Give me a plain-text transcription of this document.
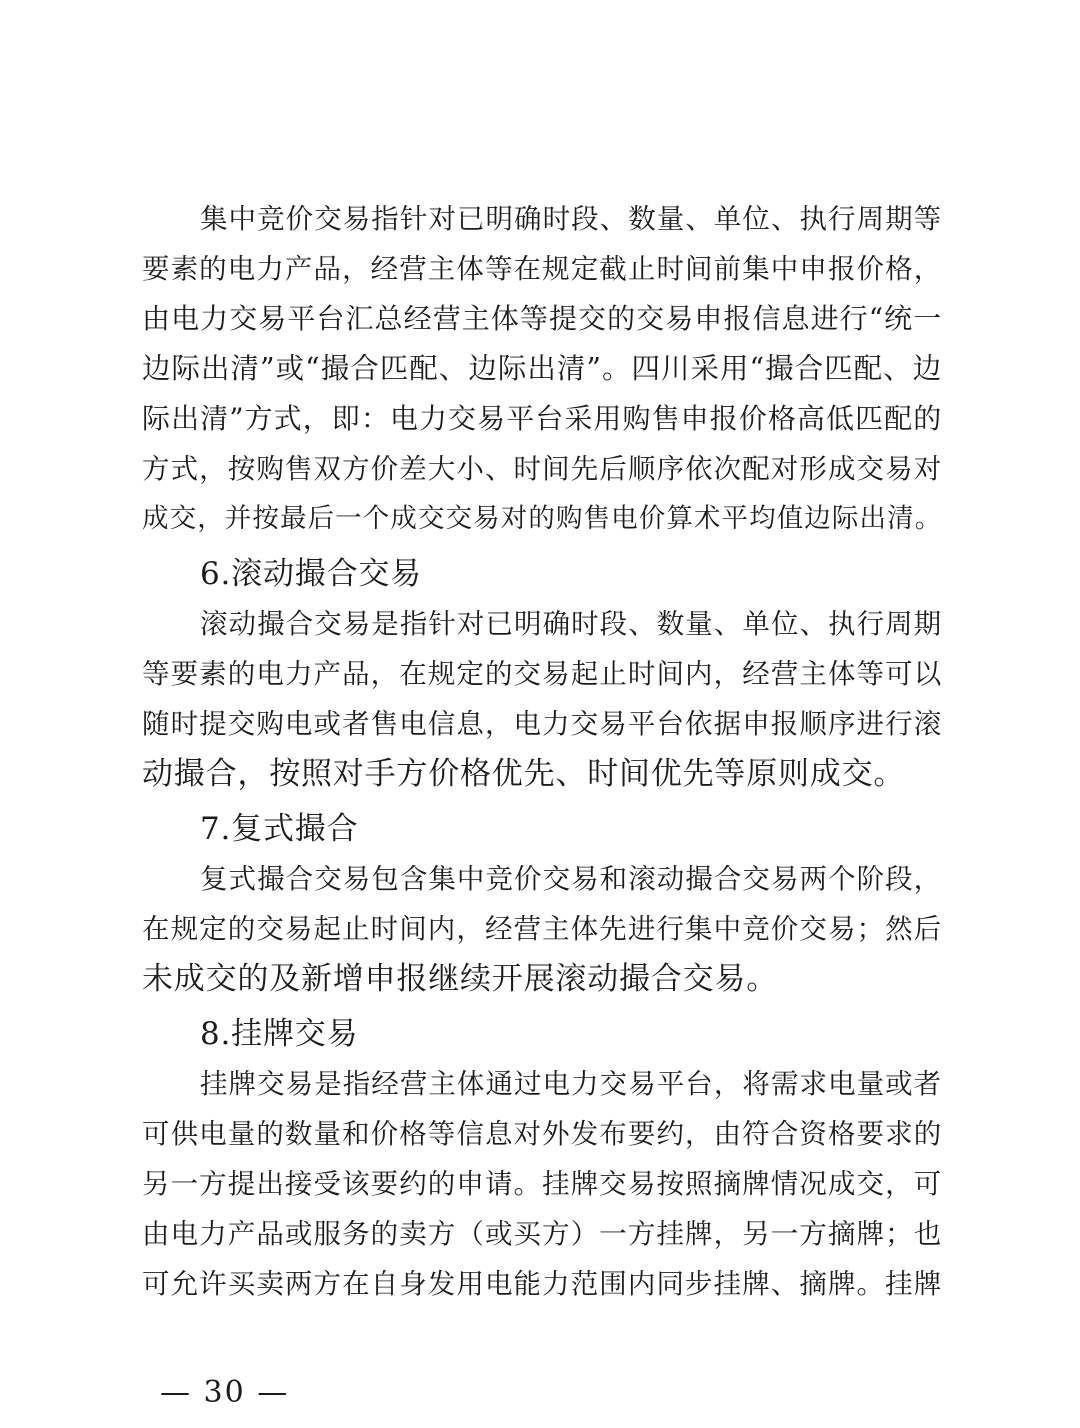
集中竞价交易指针对已明确时段、数量、单位、执行周期等
要素的电力产品，经营主体等在规定截止时间前集中申报价格，
由电力交易平台汇总经营主体等提交的交易申报信息进行“统一
边际出清”或“撮合匹配、边际出清”。四川采用“撮合匹配、边
际出清”方式，即：电力交易平台采用购售申报价格高低匹配的
方式，按购售双方价差大小、时间先后顺序依次配对形成交易对
成交，并按最后一个成交交易对的购售电价算术平均值边际出清。
6.滚动撮合交易
滚动撮合交易是指针对已明确时段、数量、单位、执行周期
等要素的电力产品，在规定的交易起止时间内，经营主体等可以
随时提交购电或者售电信息，电力交易平台依据申报顺序进行滚
动撮合，按照对手方价格优先、时间优先等原则成交。
7.复式撮合
复式撮合交易包含集中竞价交易和滚动撮合交易两个阶段，
在规定的交易起止时间内，经营主体先进行集中竞价交易；然后
未成交的及新增申报继续开展滚动撮合交易。
8.挂牌交易
挂牌交易是指经营主体通过电力交易平台，将需求电量或者
可供电量的数量和价格等信息对外发布要约，由符合资格要求的
另一方提出接受该要约的申请。挂牌交易按照摘牌情况成交，可
由电力产品或服务的卖方（或买方）一方挂牌，另一方摘牌；也
可允许买卖两方在自身发用电能力范围内同步挂牌、摘牌。挂牌
— 30 —
